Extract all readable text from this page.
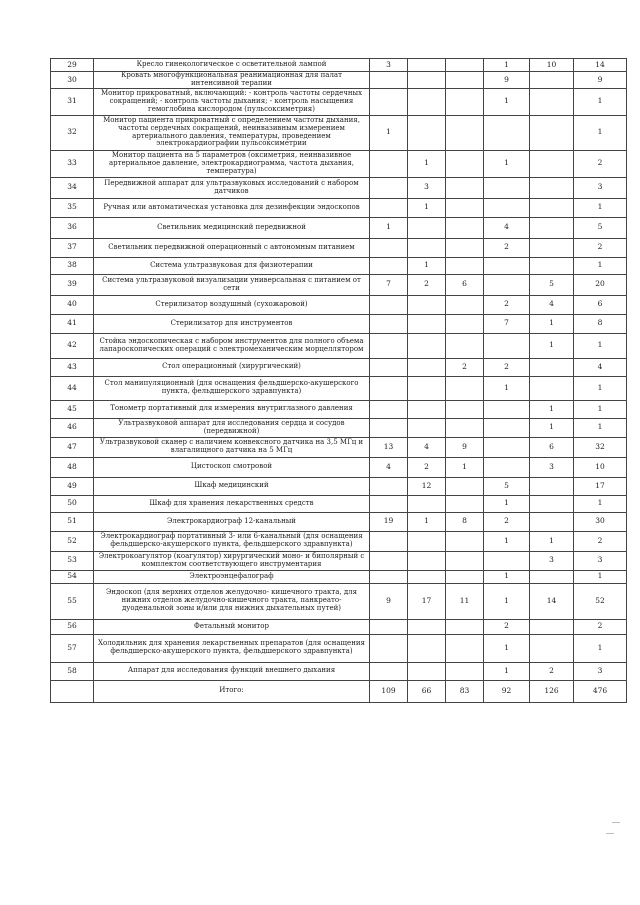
29	Кресло гинекологическое с осветительной лампой	3			1	10	14
30	Кровать многофункциональная реанимационная для палат интенсивной терапии				9		9
31	Монитор прикроватный, включающий: - контроль частоты сердечных сокращений; - контроль частоты дыхания; - контроль насыщения гемоглобина кислородом (пульсоксиметрия)				1		1
32	Монитор пациента прикроватный с определением частоты дыхания, частоты сердечных сокращений, неинвазивным измерением артериального давления, температуры, проведением электрокардиографии пульсоксиметрии	1					1
33	Монитор пациента на 5 параметров (оксиметрия, неинвазивное артериальное давление, электрокардиограмма, частота дыхания, температура)		1		1		2
34	Передвижной аппарат для ультразвуковых исследований с набором датчиков		3				3
35	Ручная или автоматическая установка для дезинфекции эндоскопов		1				1
36	Светильник медицинский передвижной	1			4		5
37	Светильник передвижной операционный с автономным питанием				2		2
38	Система ультразвуковая для физиотерапии		1				1
39	Система ультразвуковой визуализации универсальная с питанием от сети	7	2	6		5	20
40	Стерилизатор воздушный (сухожаровой)				2	4	6
41	Стерилизатор для инструментов				7	1	8
42	Стойка эндоскопическая с набором инструментов для полного объема лапароскопических операций с электромеханическим морцеллятором					1	1
43	Стол операционный (хирургический)			2	2		4
44	Стол манипуляционный (для оснащения фельдшерско-акушерского пункта, фельдшерского здравпункта)				1		1
45	Тонометр портативный для измерения внутриглазного давления					1	1
46	Ультразвуковой аппарат для исследования сердца и сосудов (передвижной)					1	1
47	Ультразвуковой сканер с наличием конвексного датчика на 3,5 МГц и влагалищного датчика на 5 МГц	13	4	9		6	32
48	Цистоскоп смотровой	4	2	1		3	10
49	Шкаф медицинский		12		5		17
50	Шкаф для хранения лекарственных средств				1		1
51	Электрокардиограф 12-канальный	19	1	8	2		30
52	Электрокардиограф портативный 3- или 6-канальный (для оснащения фельдшерско-акушерского пункта, фельдшерского здравпункта)				1	1	2
53	Электрокоагулятор (коагулятор) хирургический моно- и биполярный с комплектом соответствующего инструментария					3	3
54	Электроэнцефалограф				1		1
55	Эндоскоп (для верхних отделов желудочно- кишечного тракта, для нижних отделов желудочно-кишечного тракта, панкреато-дуоденальной зоны и/или для нижних дыхательных путей)	9	17	11	1	14	52
56	Фетальный монитор				2		2
57	Холодильник для хранения лекарственных препаратов (для оснащения фельдшерско-акушерского пункта, фельдшерского здравпункта)				1		1
58	Аппарат для исследования функций внешнего дыхания				1	2	3
	Итого:	109	66	83	92	126	476
